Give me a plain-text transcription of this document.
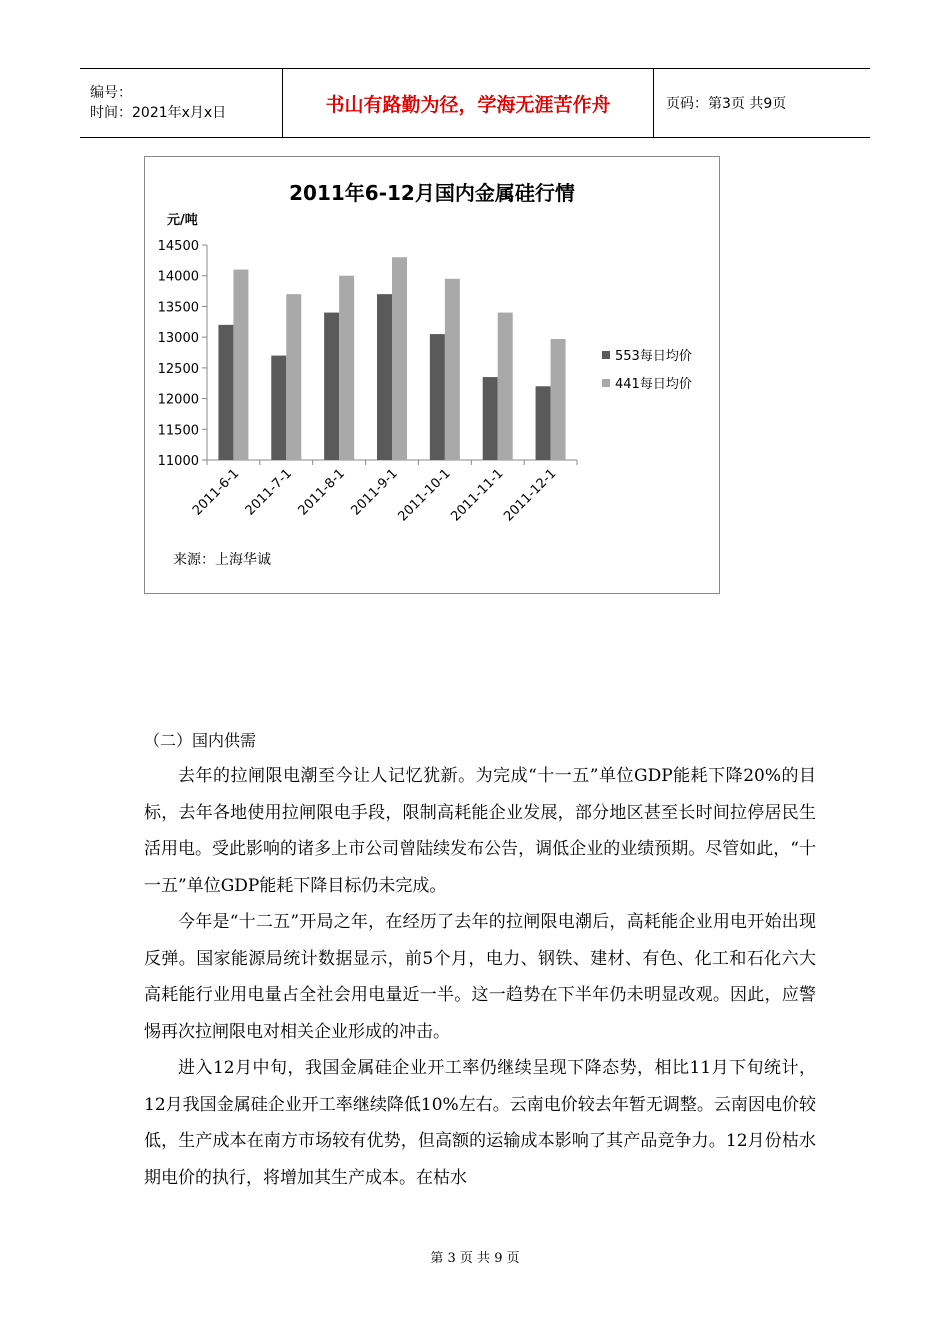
编号：
时间：2021年x月x日	书山有路勤为径，学海无涯苦作舟	页码：第3页 共9页
11000
11500
12000
12500
13000
13500
14000
14500
2011-6-1 2011-7-1 2011-8-1 2011-9-1
2011-10-1
2011-11-1
2011-12-1
553每日均价
441每日均价
2011年6-12月国内金属硅行情
元/吨
来源：上海华诚
（二）国内供需

去年的拉闸限电潮至今让人记忆犹新。为完成“十一五”单位GDP能耗下降20%的目标，去年各地使用拉闸限电手段，限制高耗能企业发展，部分地区甚至长时间拉停居民生活用电。受此影响的诸多上市公司曾陆续发布公告，调低企业的业绩预期。尽管如此，“十一五”单位GDP能耗下降目标仍未完成。

今年是“十二五”开局之年，在经历了去年的拉闸限电潮后，高耗能企业用电开始出现反弹。国家能源局统计数据显示，前5个月，电力、钢铁、建材、有色、化工和石化六大高耗能行业用电量占全社会用电量近一半。这一趋势在下半年仍未明显改观。因此，应警惕再次拉闸限电对相关企业形成的冲击。

进入12月中旬，我国金属硅企业开工率仍继续呈现下降态势，相比11月下旬统计，12月我国金属硅企业开工率继续降低10%左右。云南电价较去年暂无调整。云南因电价较低，生产成本在南方市场较有优势，但高额的运输成本影响了其产品竞争力。12月份枯水期电价的执行，将增加其生产成本。在枯水

第 3 页 共 9 页
